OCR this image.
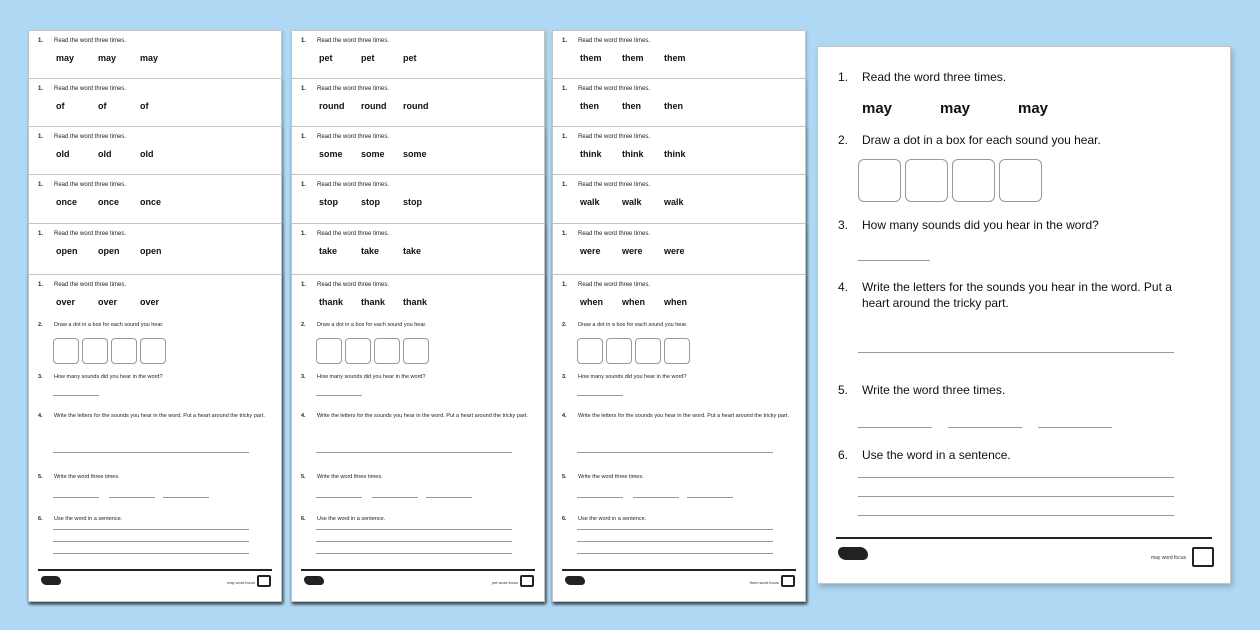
1. Read the word three times.
may	may	may
1. Read the word three times.
of	of	of
1. Read the word three times.
old	old	old
1. Read the word three times.
once once once
1. Read the word three times.
open open open
1. Read the word three times.
over	over	over
2. Draw a dot in a box for each sound you hear.
3. How many sounds did you hear in the word?
4. Write the letters for the sounds you hear in the word. Put a heart around the tricky part.
5. Write the word three times.
6. Use the word in a sentence.
may word focus
1. Read the word three times.
pet	pet	pet
1. Read the word three times.
round round round
1. Read the word three times.
some some some
1. Read the word three times.
stop	stop	stop
1. Read the word three times.
take	take	take
1. Read the word three times.
thank thank thank
2. Draw a dot in a box for each sound you hear.
3. How many sounds did you hear in the word?
4. Write the letters for the sounds you hear in the word. Put a heart around the tricky part.
5. Write the word three times.
6. Use the word in a sentence.
pet word focus
1. Read the word three times.
them them them
1. Read the word three times.
then	then	then
1. Read the word three times.
think think think
1. Read the word three times.
walk walk walk
1. Read the word three times.
were were were
1. Read the word three times.
when when when
2. Draw a dot in a box for each sound you hear.
3. How many sounds did you hear in the word?
4. Write the letters for the sounds you hear in the word. Put a heart around the tricky part.
5. Write the word three times.
6. Use the word in a sentence.
them word focus
1. Read the word three times.
may	may	may
2. Draw a dot in a box for each sound you hear.
3. How many sounds did you hear in the word?
4. Write the letters for the sounds you hear in the word. Put a heart around the tricky part.
5. Write the word three times.
6. Use the word in a sentence.
may word focus
